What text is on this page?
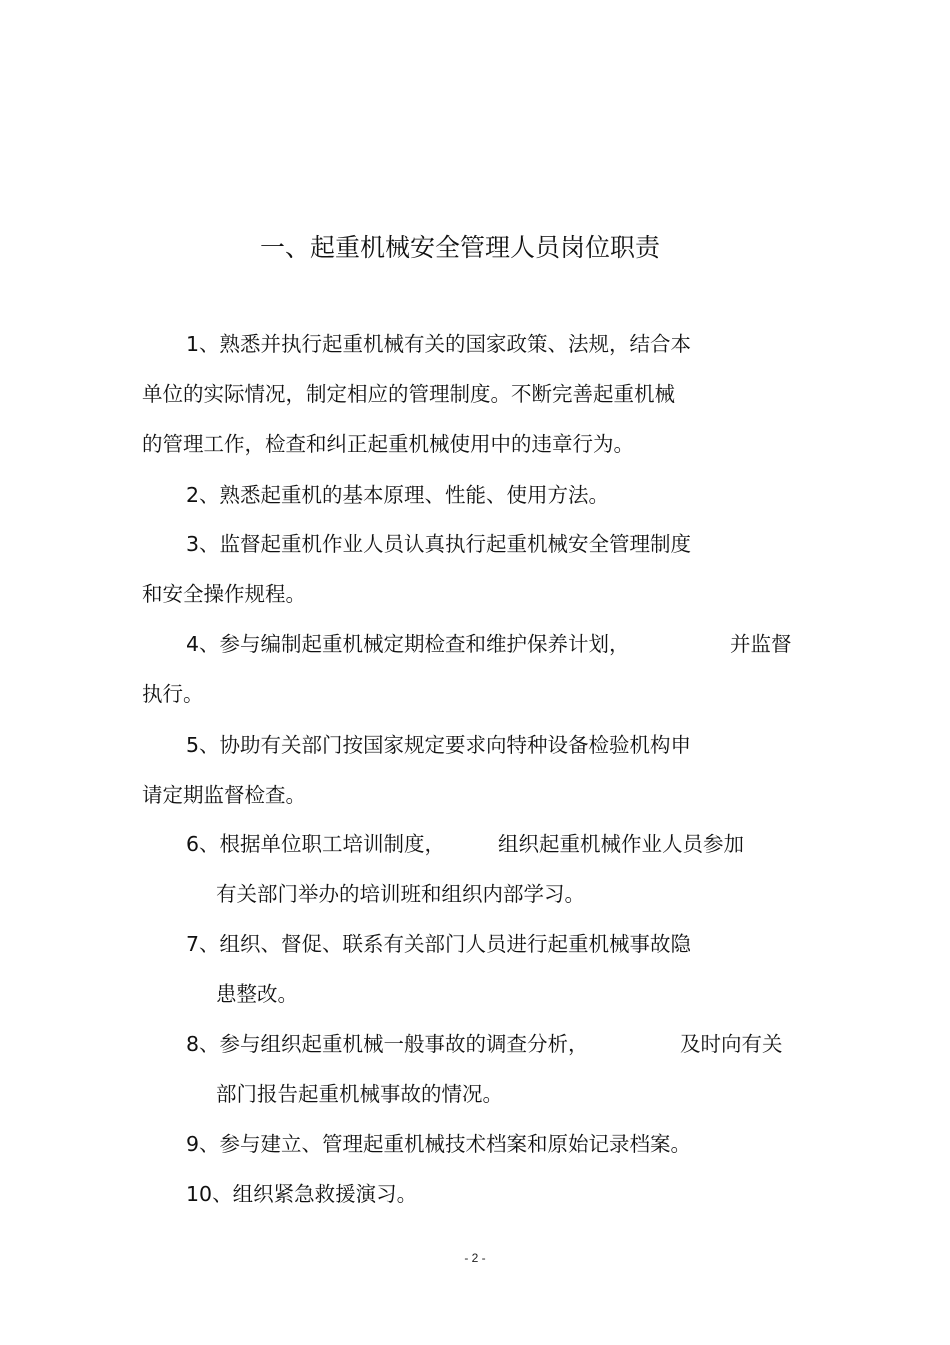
一、起重机械安全管理人员岗位职责
1、熟悉并执行起重机械有关的国家政策、法规，结合本
单位的实际情况，制定相应的管理制度。不断完善起重机械
的管理工作，检查和纠正起重机械使用中的违章行为。
2、熟悉起重机的基本原理、性能、使用方法。
3、监督起重机作业人员认真执行起重机械安全管理制度
和安全操作规程。
4、参与编制起重机械定期检查和维护保养计划，	并监督
执行。
5、协助有关部门按国家规定要求向特种设备检验机构申
请定期监督检查。
6、根据单位职工培训制度，	组织起重机械作业人员参加
有关部门举办的培训班和组织内部学习。
7、组织、督促、联系有关部门人员进行起重机械事故隐
患整改。
8、参与组织起重机械一般事故的调查分析，	及时向有关
部门报告起重机械事故的情况。
9、参与建立、管理起重机械技术档案和原始记录档案。
10、组织紧急救援演习。
- 2 -
